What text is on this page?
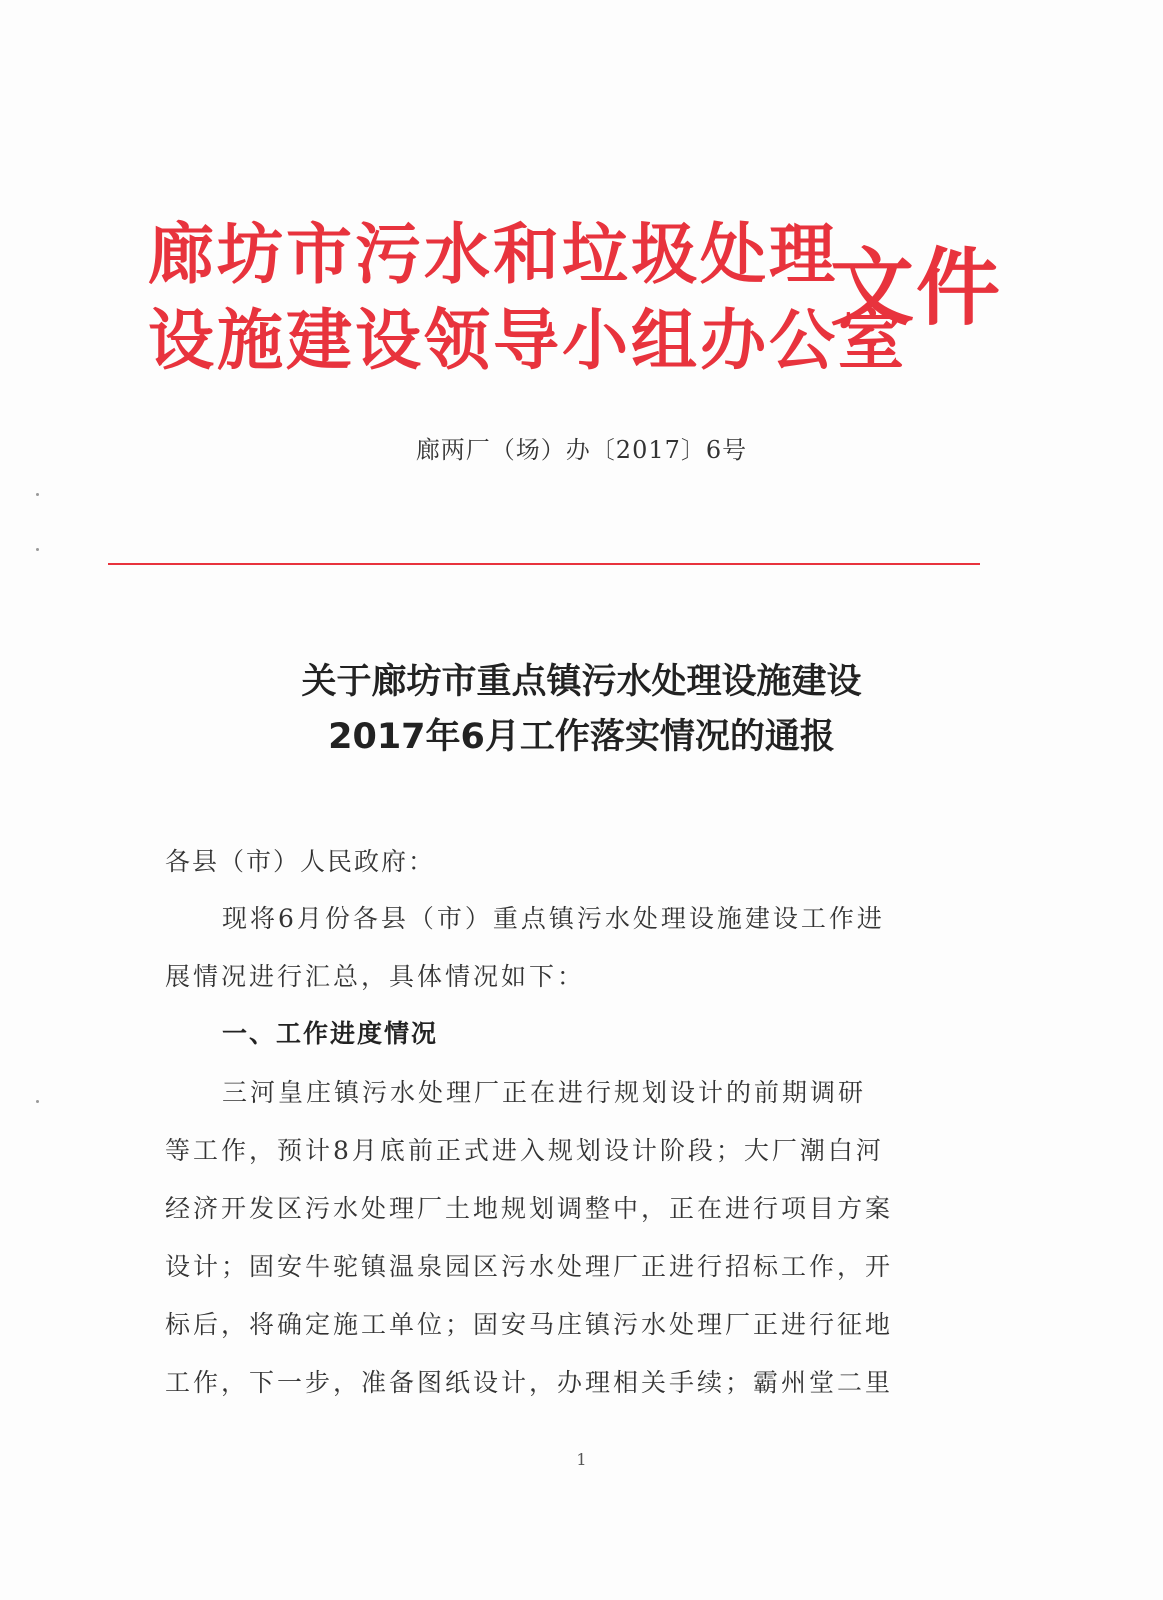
廊坊市污水和垃圾处理
设施建设领导小组办公室
文件
廊两厂（场）办〔2017〕6号
关于廊坊市重点镇污水处理设施建设
2017年6月工作落实情况的通报
各县（市）人民政府：
现将6月份各县（市）重点镇污水处理设施建设工作进
展情况进行汇总，具体情况如下：
一、工作进度情况
三河皇庄镇污水处理厂正在进行规划设计的前期调研
等工作，预计8月底前正式进入规划设计阶段；大厂潮白河
经济开发区污水处理厂土地规划调整中，正在进行项目方案
设计；固安牛驼镇温泉园区污水处理厂正进行招标工作，开
标后，将确定施工单位；固安马庄镇污水处理厂正进行征地
工作，下一步，准备图纸设计，办理相关手续；霸州堂二里
1
